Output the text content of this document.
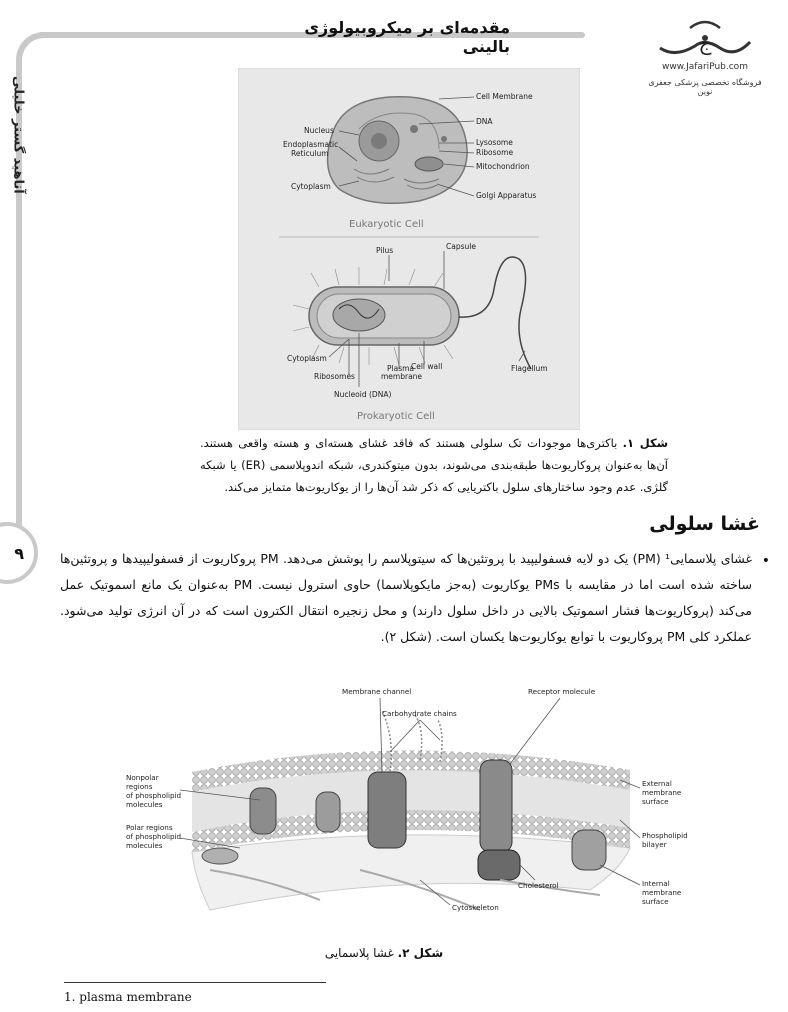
آناهید گستر خلیلی
۹
مقدمه‌ای بر میکروبیولوژی بالینی	ج
www.JafariPub.com
فروشگاه تخصصی پزشکی جعفری نوین
Cell Membrane
DNA
Nucleus
Endoplasmatic
Reticulum
Lysosome
Ribosome
Mitochondrion
Cytoplasm
Golgi Apparatus
Eukaryotic Cell
Pilus	Capsule
Cytoplasm
Cell wall
Ribosomes
Plasma
membrane
Flagellum
Nucleoid (DNA)
Prokaryotic Cell
شکل ۱. باکتری‌ها موجودات تک سلولی هستند که فاقد غشای هسته‌ای و هسته واقعی هستند. آن‌ها به‌عنوان پروکاریوت‌ها طبقه‌بندی می‌شوند، بدون میتوکندری، شبکه اندوپلاسمی (ER) یا شبکه گلژی. عدم وجود ساختارهای سلول باکتریایی که ذکر شد آن‌ها را از یوکاریوت‌ها متمایز می‌کند.
غشا سلولی
•
غشای پلاسمایی¹ (PM) یک دو لایه فسفولیپید با پروتئین‌ها که سیتوپلاسم را پوشش می‌دهد. PM پروکاریوت از فسفولیپیدها و پروتئین‌ها ساخته شده است اما در مقایسه با PMs یوکاریوت (به‌جز مایکوپلاسما) حاوی استرول نیست. PM به‌عنوان یک مانع اسموتیک عمل می‌کند (پروکاریوت‌ها فشار اسموتیک بالایی در داخل سلول دارند) و محل زنجیره انتقال الکترون است که در آن انرژی تولید می‌شود. عملکرد کلی PM پروکاریوت با توابع یوکاریوت‌ها یکسان است. (شکل ۲).
Membrane channel	Receptor molecule
Carbohydrate chains
Nonpolar
regions
of phospholipid
molecules
Polar regions
of phospholipid
molecules
External
membrane
surface
Phospholipid
bilayer
Cholesterol	Internal
membrane
surface
Cytoskeleton
شکل ۲. غشا پلاسمایی
1. plasma membrane
